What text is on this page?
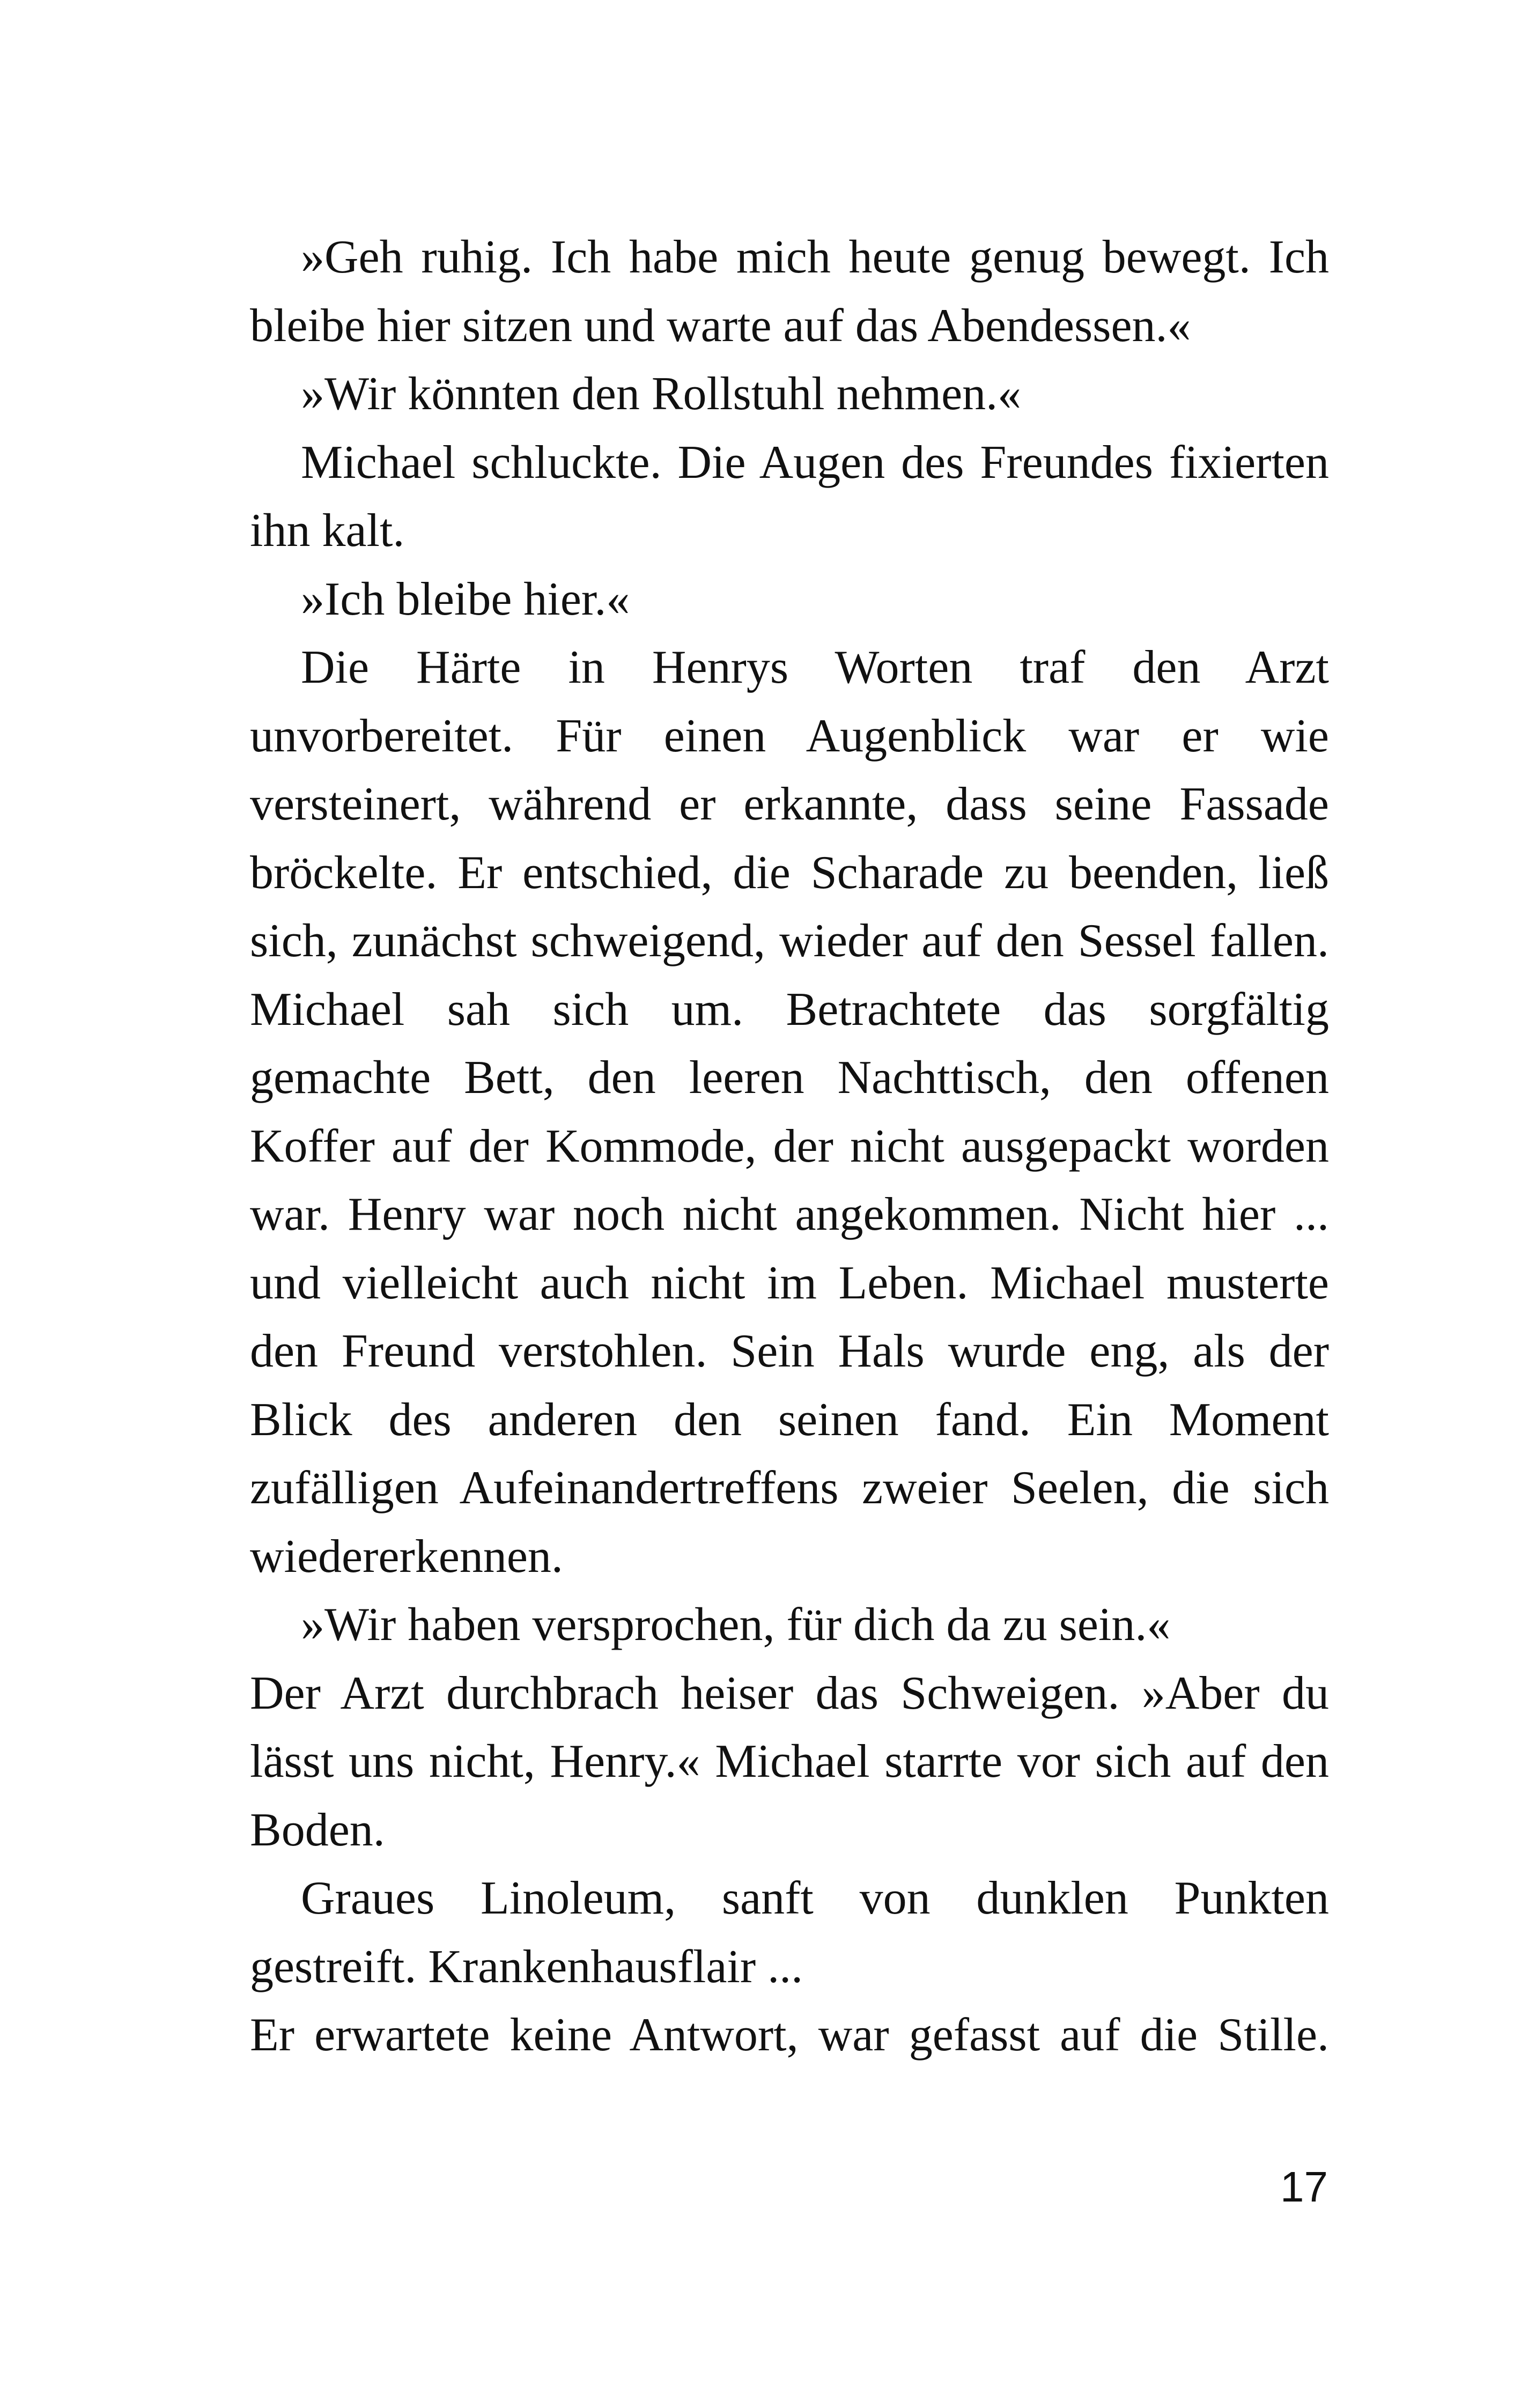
»Geh ruhig. Ich habe mich heute genug bewegt. Ich bleibe hier sitzen und warte auf das Abendessen.«

»Wir könnten den Rollstuhl nehmen.«

Michael schluckte. Die Augen des Freundes fixierten ihn kalt.

»Ich bleibe hier.«

Die Härte in Henrys Worten traf den Arzt unvorbereitet. Für einen Augenblick war er wie versteinert, während er erkannte, dass seine Fassade bröckelte. Er entschied, die Scharade zu beenden, ließ sich, zunächst schweigend, wieder auf den Sessel fallen. Michael sah sich um. Betrachtete das sorgfältig gemachte Bett, den leeren Nachttisch, den offenen Koffer auf der Kommode, der nicht ausgepackt worden war. Henry war noch nicht angekommen. Nicht hier ... und vielleicht auch nicht im Leben. Michael musterte den Freund verstohlen. Sein Hals wurde eng, als der Blick des anderen den seinen fand. Ein Moment zufälligen Aufeinandertreffens zweier Seelen, die sich wiedererkennen.

»Wir haben versprochen, für dich da zu sein.«

Der Arzt durchbrach heiser das Schweigen. »Aber du lässt uns nicht, Henry.« Michael starrte vor sich auf den Boden.

Graues Linoleum, sanft von dunklen Punkten gestreift. Krankenhausflair ...

Er erwartete keine Antwort, war gefasst auf die Stille.

17
